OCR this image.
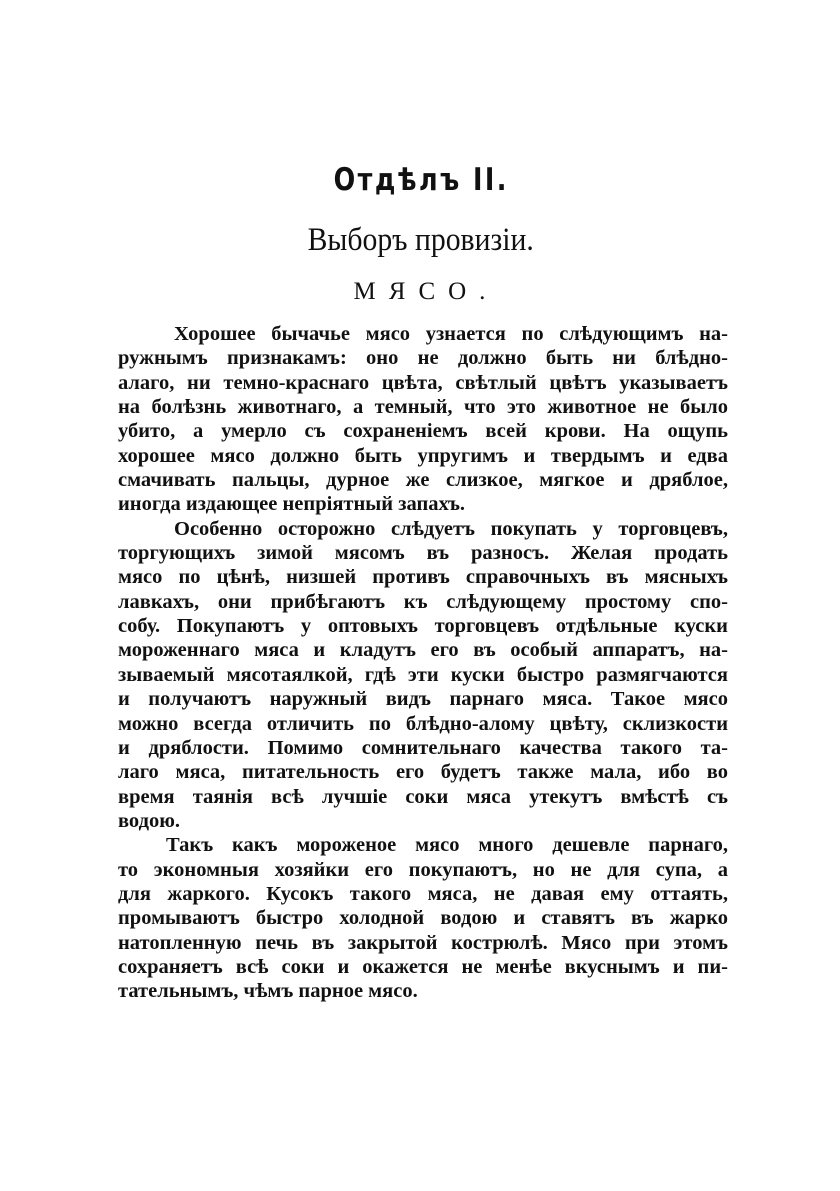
Отдѣлъ II.
Выборъ провизіи.
МЯСО.
Хорошее бычачье мясо узнается по слѣдующимъ на-
ружнымъ признакамъ: оно не должно быть ни блѣдно-
алаго, ни темно-краснаго цвѣта, свѣтлый цвѣтъ указываетъ
на болѣзнь животнаго, а темный, что это животное не было
убито, а умерло съ сохраненіемъ всей крови. На ощупь
хорошее мясо должно быть упругимъ и твердымъ и едва
смачивать пальцы, дурное же слизкое, мягкое и дряблое,
иногда издающее непріятный запахъ.
Особенно осторожно слѣдуетъ покупать у торговцевъ,
торгующихъ зимой мясомъ въ разносъ. Желая продать
мясо по цѣнѣ, низшей противъ справочныхъ въ мясныхъ
лавкахъ, они прибѣгаютъ къ слѣдующему простому спо-
собу. Покупаютъ у оптовыхъ торговцевъ отдѣльные куски
мороженнаго мяса и кладутъ его въ особый аппаратъ, на-
зываемый мясотаялкой, гдѣ эти куски быстро размягчаются
и получаютъ наружный видъ парнаго мяса. Такое мясо
можно всегда отличить по блѣдно-алому цвѣту, склизкости
и дряблости. Помимо сомнительнаго качества такого та-
лаго мяса, питательность его будетъ также мала, ибо во
время таянія всѣ лучшіе соки мяса утекутъ вмѣстѣ съ
водою.
Такъ какъ мороженое мясо много дешевле парнаго,
то экономныя хозяйки его покупаютъ, но не для супа, а
для жаркого. Кусокъ такого мяса, не давая ему оттаять,
промываютъ быстро холодной водою и ставятъ въ жарко
натопленную печь въ закрытой кострюлѣ. Мясо при этомъ
сохраняетъ всѣ соки и окажется не менѣе вкуснымъ и пи-
тательнымъ, чѣмъ парное мясо.
